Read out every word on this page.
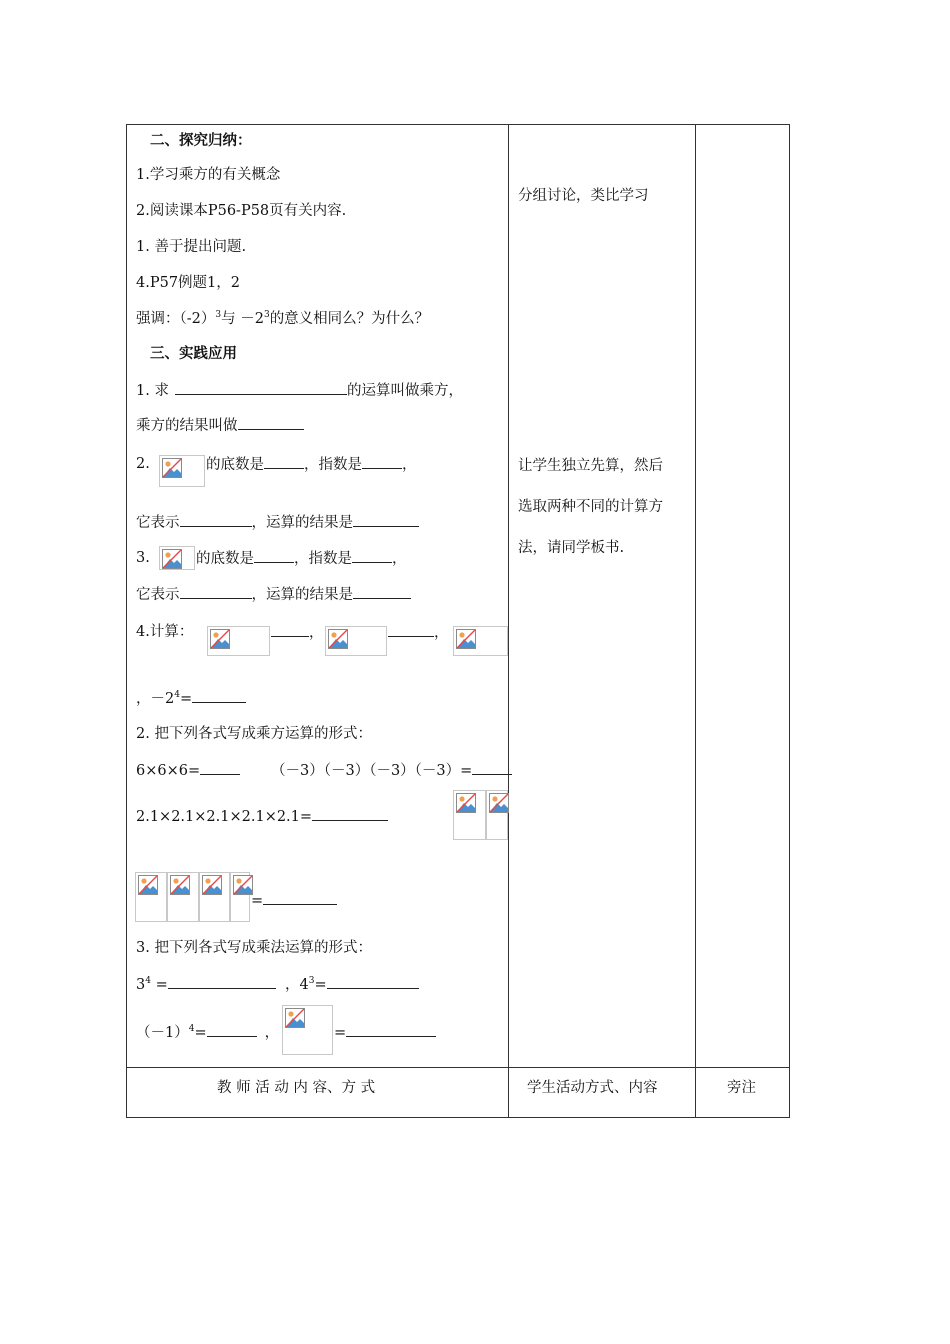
二、探究归纳：
1.学习乘方的有关概念
2.阅读课本P56-P58页有关内容.
1. 善于提出问题.
4.P57例题1，2
强调：$(-2)^3$与 $-2^3$的意义相同么？为什么？
三、实践应用
1. 求	的运算叫做乘方，
乘方的结果叫做
2.	的底数是	，指数是	，
它表示	，运算的结果是
3.	的底数是	，指数是	，
它表示	，运算的结果是
4.计算：	，	，
，$-2^4=$
2. 把下列各式写成乘方运算的形式：
6×6×6=	（－3）（－3）（－3）（－3）=
2.1×2.1×2.1×2.1×2.1=
=
3. 把下列各式写成乘法运算的形式：
$3^4$ =	，$4^3=$
$(-1)^4=$	，	=
分组讨论，类比学习
让学生独立先算，然后
选取两种不同的计算方
法，请同学板书.
教 师 活 动 内 容、方 式	学生活动方式、内容	旁注
